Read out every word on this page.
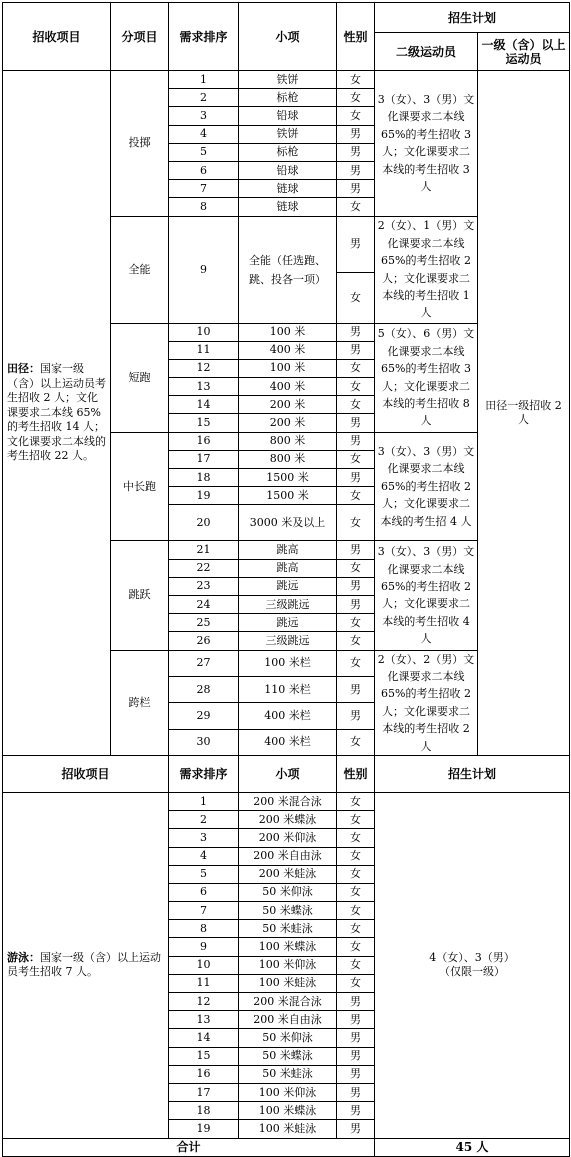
招收项目	分项目	需求排序	小项	性别	招生计划	
					二级运动员	一级（含）以上运动员
田径：国家一级（含）以上运动员考生招收 2 人；文化课要求二本线 65%的考生招收 14 人；文化课要求二本线的考生招收 22 人。	投掷	1	铁饼	女	3（女）、3（男）文化课要求二本线 65%的考生招收 3 人；文化课要求二本线的考生招收 3 人	田径一级招收 2 人
		2	标枪	女		
		3	铅球	女		
		4	铁饼	男		
		5	标枪	男		
		6	铅球	男		
		7	链球	男		
		8	链球	女		
	全能	9	全能（任选跑、跳、投各一项）	男	2（女）、1（男）文化课要求二本线 65%的考生招收 2 人；文化课要求二本线的考生招收 1 人	
				女		
	短跑	10	100 米	男	5（女）、6（男）文化课要求二本线 65%的考生招收 3 人；文化课要求二本线的考生招收 8 人	
		11	400 米	男		
		12	100 米	女		
		13	400 米	女		
		14	200 米	女		
		15	200 米	男		
	中长跑	16	800 米	男	3（女）、3（男）文化课要求二本线 65%的考生招收 2 人；文化课要求二本线的考生招 4 人	
		17	800 米	女		
		18	1500 米	男		
		19	1500 米	女		
		20	3000 米及以上	女		
	跳跃	21	跳高	男	3（女）、3（男）文化课要求二本线 65%的考生招收 2 人；文化课要求二本线的考生招收 4 人	
		22	跳高	女		
		23	跳远	男		
		24	三级跳远	男		
		25	跳远	女		
		26	三级跳远	女		
	跨栏	27	100 米栏	女	2（女）、2（男）文化课要求二本线 65%的考生招收 2 人；文化课要求二本线的考生招收 2 人	
		28	110 米栏	男		
		29	400 米栏	男		
		30	400 米栏	女		
招收项目		需求排序	小项	性别	招生计划	
游泳：国家一级（含）以上运动员考生招收 7 人。		1	200 米混合泳	女	4（女）、3（男）
（仅限一级）	

		2	200 米蝶泳	女		
		3	200 米仰泳	女		
		4	200 米自由泳	女		
		5	200 米蛙泳	女		
		6	50 米仰泳	女		
		7	50 米蝶泳	女		
		8	50 米蛙泳	女		
		9	100 米蝶泳	女		
		10	100 米仰泳	女		
		11	100 米蛙泳	女		
		12	200 米混合泳	男		
		13	200 米自由泳	男		
		14	50 米仰泳	男		
		15	50 米蝶泳	男		
		16	50 米蛙泳	男		
		17	100 米仰泳	男		
		18	100 米蝶泳	男		
		19	100 米蛙泳	男		
合计					45 人	
